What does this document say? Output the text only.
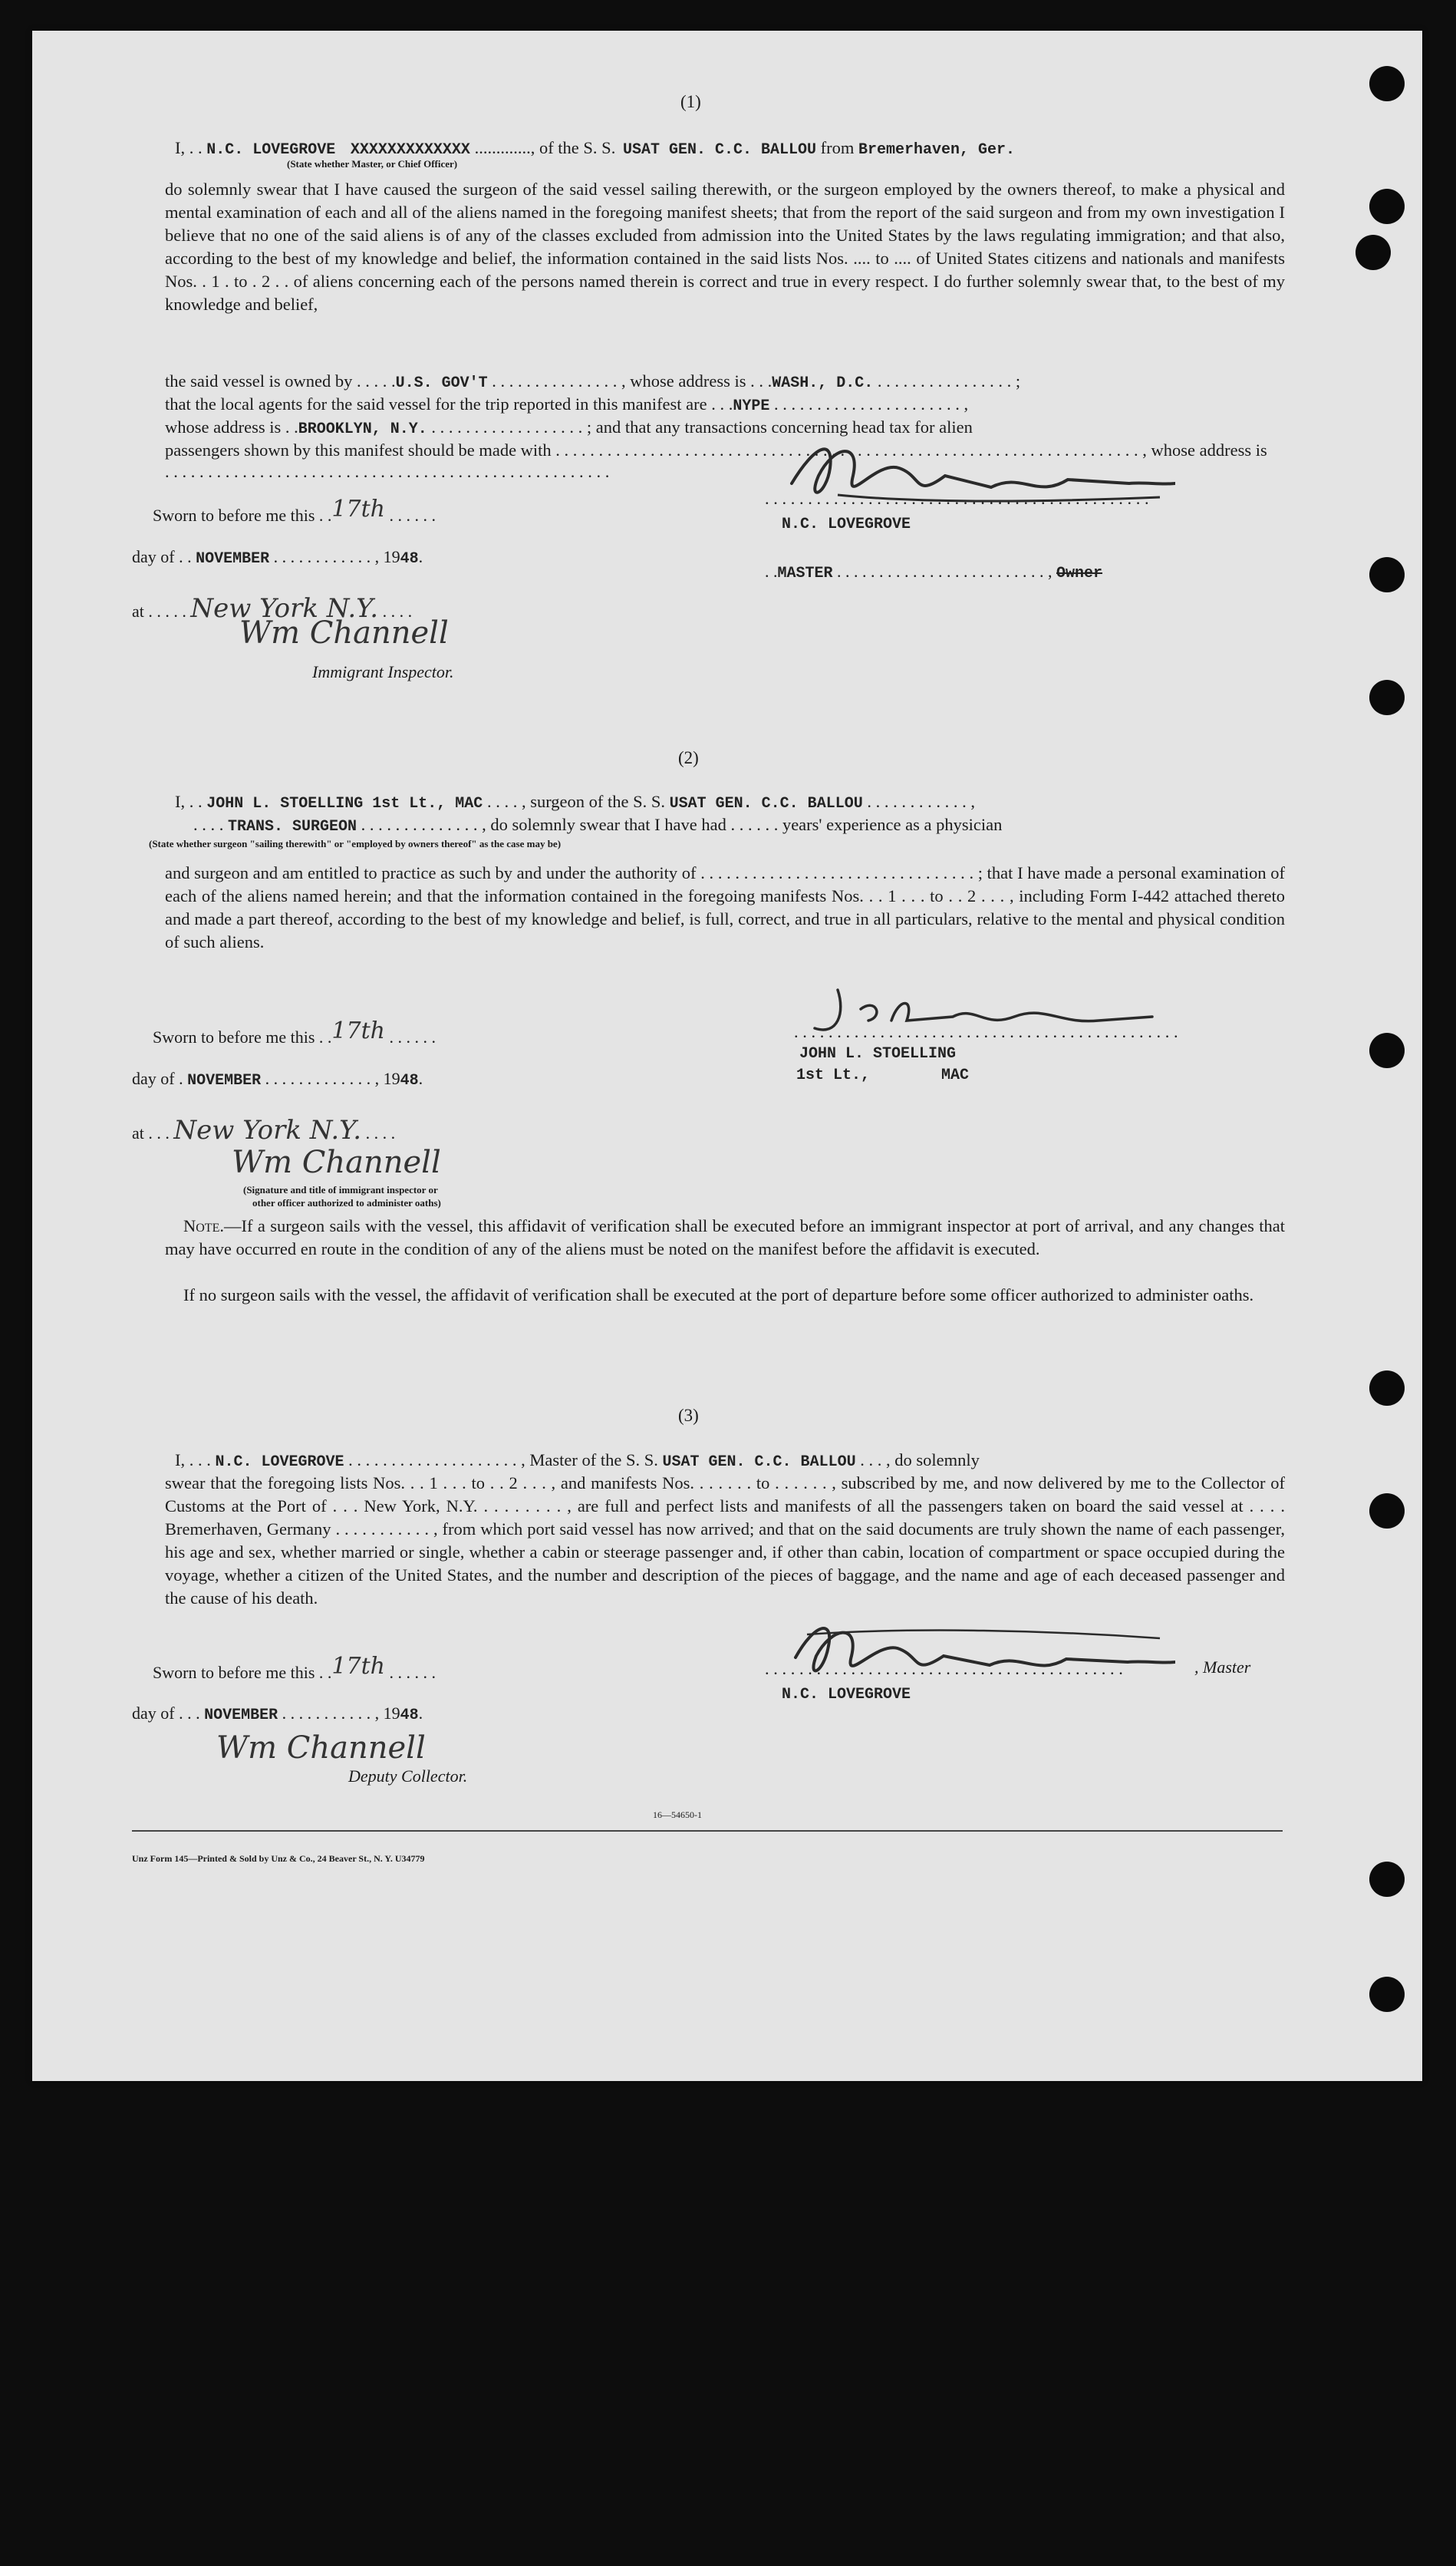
(1)
I, . . N.C. LOVEGROVE XXXXXXXXXXXXX ............., of the S. S. USAT GEN. C.C. BALLOU from Bremerhaven, Ger.
(State whether Master, or Chief Officer)

do solemnly swear that I have caused the surgeon of the said vessel sailing therewith, or the surgeon employed by the owners thereof, to make a physical and mental examination of each and all of the aliens named in the foregoing manifest sheets; that from the report of the said surgeon and from my own investigation I believe that no one of the said aliens is of any of the classes excluded from admission into the United States by the laws regulating immigration; and that also, according to the best of my knowledge and belief, the information contained in the said lists Nos. .... to .... of United States citizens and nationals and manifests Nos. . 1 . to . 2 . . of aliens concerning each of the persons named therein is correct and true in every respect. I do further solemnly swear that, to the best of my knowledge and belief,

the said vessel is owned by . . . . .U.S. GOV'T . . . . . . . . . . . . . . . , whose address is . . .WASH., D.C. . . . . . . . . . . . . . . . . ;
that the local agents for the said vessel for the trip reported in this manifest are . . .NYPE . . . . . . . . . . . . . . . . . . . . . . ,
whose address is . .BROOKLYN, N.Y. . . . . . . . . . . . . . . . . . . ; and that any transactions concerning head tax for alien
passengers shown by this manifest should be made with . . . . . . . . . . . . . . . . . . . . . . . . . . . . . . . . . . . . . . . . . . . . . . . . . . . . . . . . . . . . . . . . . . . . , whose address is
. . . . . . . . . . . . . . . . . . . . . . . . . . . . . . . . . . . . . . . . . . . . . . . . . . . .
Sworn to before me this . .17th . . . . . .
day of . . NOVEMBER . . . . . . . . . . . . , 1948.
at . . . . . New York N.Y. . . . .
Wm Channell
Immigrant Inspector.
. . . . . . . . . . . . . . . . . . . . . . . . . . . . . . . . . . . . . . . . . . . . .
N.C. LOVEGROVE
. .MASTER . . . . . . . . . . . . . . . . . . . . . . . . . , Owner
(2)
I, . . JOHN L. STOELLING 1st Lt., MAC . . . . , surgeon of the S. S. USAT GEN. C.C. BALLOU . . . . . . . . . . . . ,
. . . . TRANS. SURGEON . . . . . . . . . . . . . . , do solemnly swear that I have had . . . . . . years' experience as a physician
(State whether surgeon "sailing therewith" or "employed by owners thereof" as the case may be)

and surgeon and am entitled to practice as such by and under the authority of . . . . . . . . . . . . . . . . . . . . . . . . . . . . . . . . ; that I have made a personal examination of each of the aliens named herein; and that the information contained in the foregoing manifests Nos. . . 1 . . . to . . 2 . . . , including Form I-442 attached thereto and made a part thereof, according to the best of my knowledge and belief, is full, correct, and true in all particulars, relative to the mental and physical condition of such aliens.

Sworn to before me this . .17th . . . . . .
day of . NOVEMBER . . . . . . . . . . . . . , 1948.
at . . . New York N.Y. . . . .
Wm Channell
(Signature and title of immigrant inspector or
other officer authorized to administer oaths)
. . . . . . . . . . . . . . . . . . . . . . . . . . . . . . . . . . . . . . . . . . . . .
JOHN L. STOELLING
1st Lt.,	MAC

Note.—If a surgeon sails with the vessel, this affidavit of verification shall be executed before an immigrant inspector at port of arrival, and any changes that may have occurred en route in the condition of any of the aliens must be noted on the manifest before the affidavit is executed.

If no surgeon sails with the vessel, the affidavit of verification shall be executed at the port of departure before some officer authorized to administer oaths.

(3)
I, . . . N.C. LOVEGROVE . . . . . . . . . . . . . . . . . . . . , Master of the S. S. USAT GEN. C.C. BALLOU . . . , do solemnly

swear that the foregoing lists Nos. . . 1 . . . to . . 2 . . . , and manifests Nos. . . . . . . to . . . . . . , subscribed by me, and now delivered by me to the Collector of Customs at the Port of . . . New York, N.Y. . . . . . . . . , are full and perfect lists and manifests of all the passengers taken on board the said vessel at . . . . Bremerhaven, Germany . . . . . . . . . . . , from which port said vessel has now arrived; and that on the said documents are truly shown the name of each passenger, his age and sex, whether married or single, whether a cabin or steerage passenger and, if other than cabin, location of compartment or space occupied during the voyage, whether a citizen of the United States, and the number and description of the pieces of baggage, and the name and age of each deceased passenger and the cause of his death.

Sworn to before me this . .17th . . . . . .
day of . . . NOVEMBER . . . . . . . . . . . , 1948.
Wm Channell
Deputy Collector.
. . . . . . . . . . . . . . . . . . . . . . . . . . . . . . . . . . . . . . . . . .	, Master
N.C. LOVEGROVE
16—54650-1
Unz Form 145—Printed & Sold by Unz & Co., 24 Beaver St., N. Y. U34779
